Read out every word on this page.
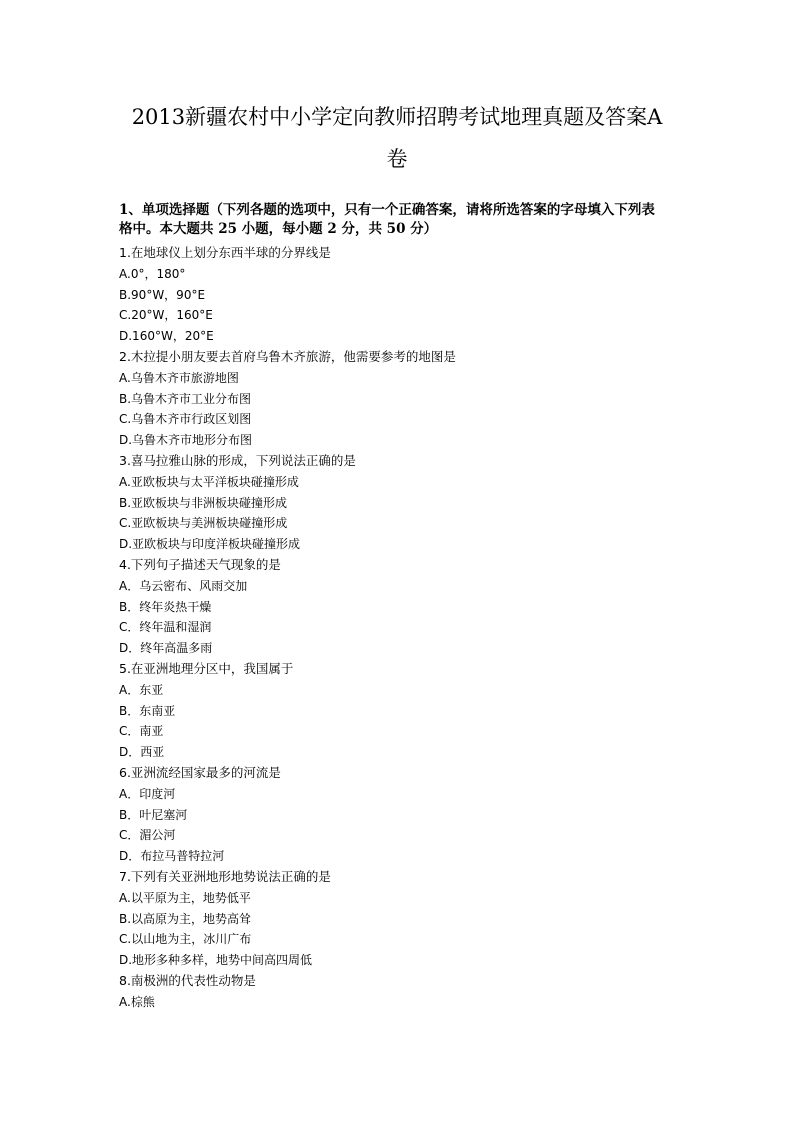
2013新疆农村中小学定向教师招聘考试地理真题及答案A
卷
1、单项选择题（下列各题的选项中，只有一个正确答案，请将所选答案的字母填入下列表
格中。本大题共 25 小题，每小题 2 分，共 50 分）
1.在地球仪上划分东西半球的分界线是
A.0°，180°
B.90°W，90°E
C.20°W，160°E
D.160°W，20°E
2.木拉提小朋友要去首府乌鲁木齐旅游，他需要参考的地图是
A.乌鲁木齐市旅游地图
B.乌鲁木齐市工业分布图
C.乌鲁木齐市行政区划图
D.乌鲁木齐市地形分布图
3.喜马拉雅山脉的形成，下列说法正确的是
A.亚欧板块与太平洋板块碰撞形成
B.亚欧板块与非洲板块碰撞形成
C.亚欧板块与美洲板块碰撞形成
D.亚欧板块与印度洋板块碰撞形成
4.下列句子描述天气现象的是
A．乌云密布、风雨交加
B．终年炎热干燥
C．终年温和湿润
D．终年高温多雨
5.在亚洲地理分区中，我国属于
A．东亚
B．东南亚
C．南亚
D．西亚
6.亚洲流经国家最多的河流是
A．印度河
B．叶尼塞河
C．湄公河
D．布拉马普特拉河
7.下列有关亚洲地形地势说法正确的是
A.以平原为主，地势低平
B.以高原为主，地势高耸
C.以山地为主，冰川广布
D.地形多种多样，地势中间高四周低
8.南极洲的代表性动物是
A.棕熊
